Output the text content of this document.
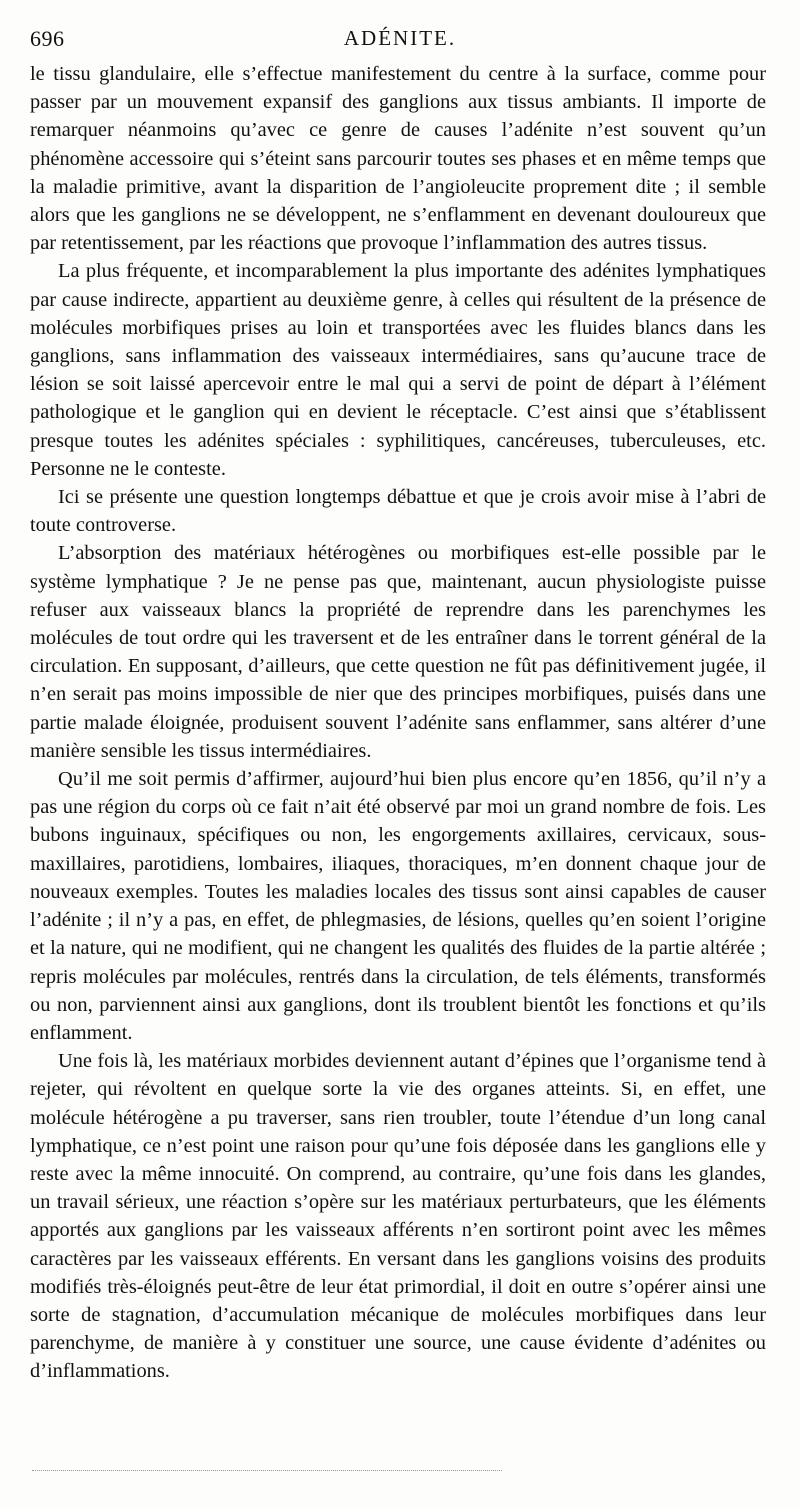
696	ADÉNITE.

le tissu glandulaire, elle s’effectue manifestement du centre à la surface, comme pour passer par un mouvement expansif des ganglions aux tissus ambiants. Il importe de remarquer néanmoins qu’avec ce genre de causes l’adénite n’est souvent qu’un phénomène accessoire qui s’éteint sans parcourir toutes ses phases et en même temps que la maladie primitive, avant la disparition de l’angioleucite proprement dite ; il semble alors que les ganglions ne se développent, ne s’enflamment en devenant douloureux que par retentissement, par les réactions que provoque l’inflammation des autres tissus.

La plus fréquente, et incomparablement la plus importante des adénites lymphatiques par cause indirecte, appartient au deuxième genre, à celles qui résultent de la présence de molécules morbifiques prises au loin et transportées avec les fluides blancs dans les ganglions, sans inflammation des vaisseaux intermédiaires, sans qu’aucune trace de lésion se soit laissé apercevoir entre le mal qui a servi de point de départ à l’élément pathologique et le ganglion qui en devient le réceptacle. C’est ainsi que s’établissent presque toutes les adénites spéciales : syphilitiques, cancéreuses, tuberculeuses, etc. Personne ne le conteste.

Ici se présente une question longtemps débattue et que je crois avoir mise à l’abri de toute controverse.

L’absorption des matériaux hétérogènes ou morbifiques est-elle possible par le système lymphatique ? Je ne pense pas que, maintenant, aucun physiologiste puisse refuser aux vaisseaux blancs la propriété de reprendre dans les parenchymes les molécules de tout ordre qui les traversent et de les entraîner dans le torrent général de la circulation. En supposant, d’ailleurs, que cette question ne fût pas définitivement jugée, il n’en serait pas moins impossible de nier que des principes morbifiques, puisés dans une partie malade éloignée, produisent souvent l’adénite sans enflammer, sans altérer d’une manière sensible les tissus intermédiaires.

Qu’il me soit permis d’affirmer, aujourd’hui bien plus encore qu’en 1856, qu’il n’y a pas une région du corps où ce fait n’ait été observé par moi un grand nombre de fois. Les bubons inguinaux, spécifiques ou non, les engorgements axillaires, cervicaux, sous-maxillaires, parotidiens, lombaires, iliaques, thoraciques, m’en donnent chaque jour de nouveaux exemples. Toutes les maladies locales des tissus sont ainsi capables de causer l’adénite ; il n’y a pas, en effet, de phlegmasies, de lésions, quelles qu’en soient l’origine et la nature, qui ne modifient, qui ne changent les qualités des fluides de la partie altérée ; repris molécules par molécules, rentrés dans la circulation, de tels éléments, transformés ou non, parviennent ainsi aux ganglions, dont ils troublent bientôt les fonctions et qu’ils enflamment.

Une fois là, les matériaux morbides deviennent autant d’épines que l’organisme tend à rejeter, qui révoltent en quelque sorte la vie des organes atteints. Si, en effet, une molécule hétérogène a pu traverser, sans rien troubler, toute l’étendue d’un long canal lymphatique, ce n’est point une raison pour qu’une fois déposée dans les ganglions elle y reste avec la même innocuité. On comprend, au contraire, qu’une fois dans les glandes, un travail sérieux, une réaction s’opère sur les matériaux perturbateurs, que les éléments apportés aux ganglions par les vaisseaux afférents n’en sortiront point avec les mêmes caractères par les vaisseaux efférents. En versant dans les ganglions voisins des produits modifiés très-éloignés peut-être de leur état primordial, il doit en outre s’opérer ainsi une sorte de stagnation, d’accumulation mécanique de molécules morbifiques dans leur parenchyme, de manière à y constituer une source, une cause évidente d’adénites ou d’inflammations.
